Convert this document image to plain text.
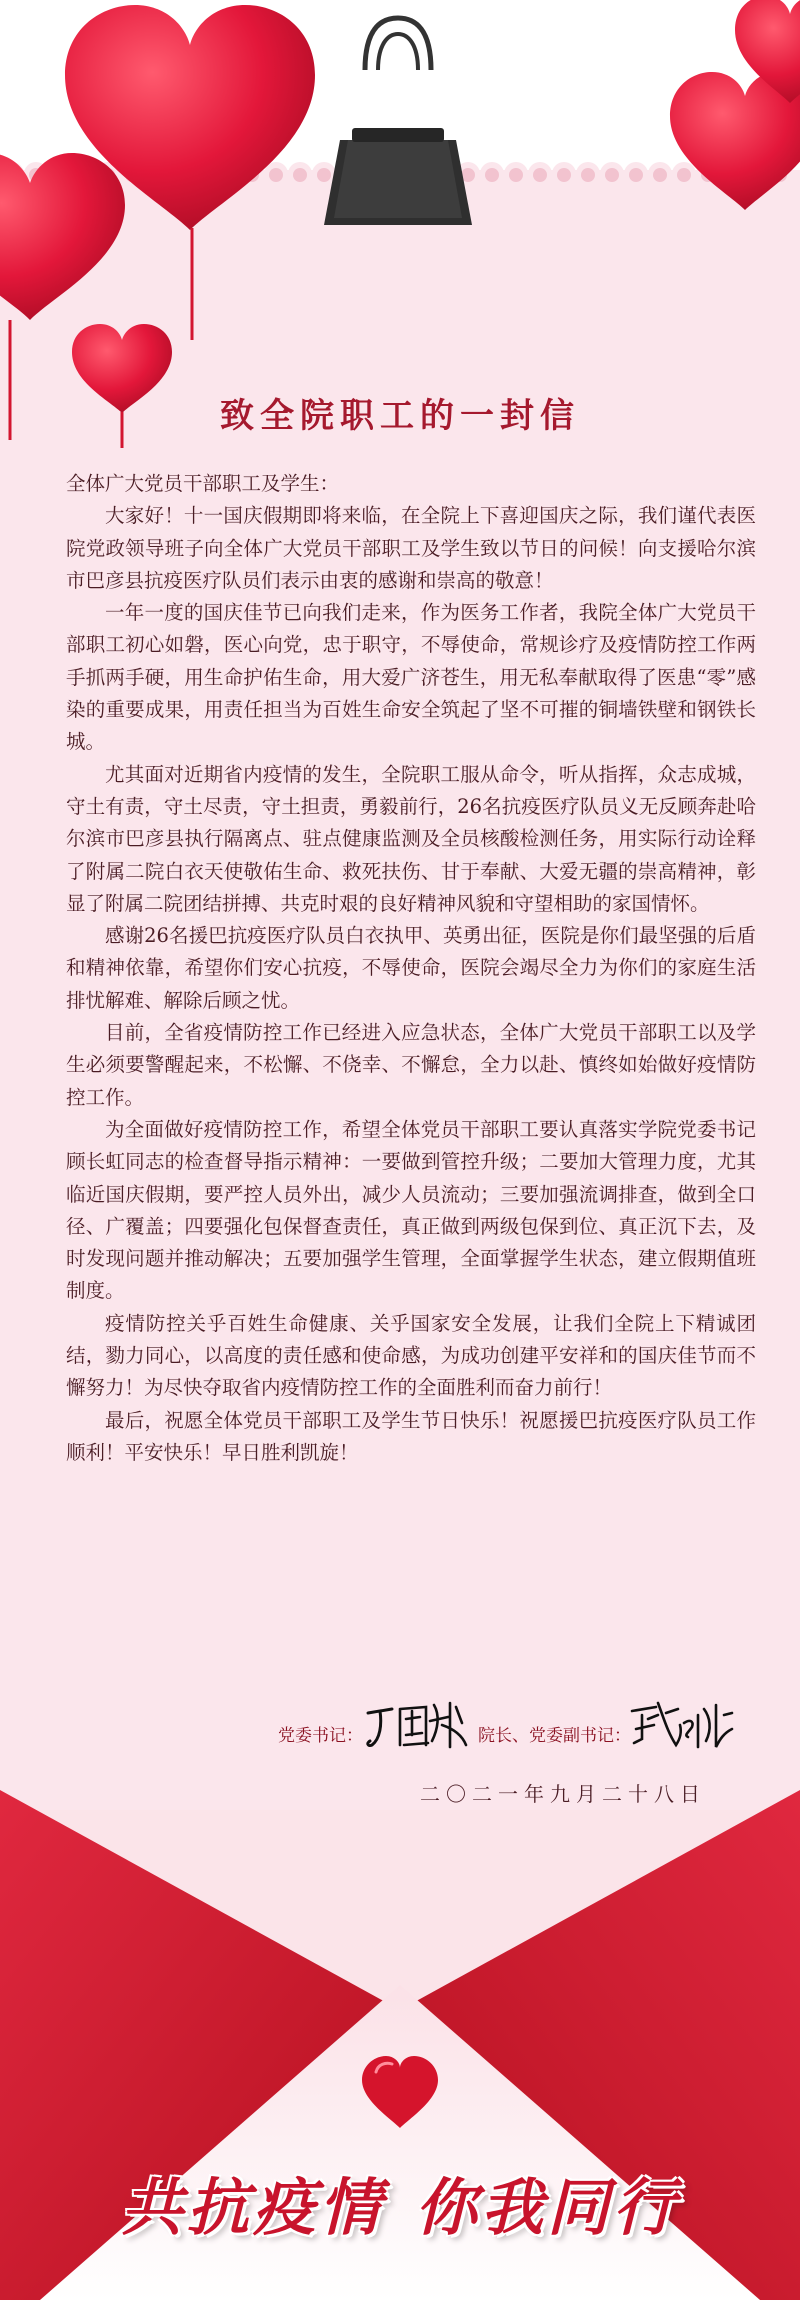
致全院职工的一封信

全体广大党员干部职工及学生：

大家好！十一国庆假期即将来临，在全院上下喜迎国庆之际，我们谨代表医院党政领导班子向全体广大党员干部职工及学生致以节日的问候！向支援哈尔滨市巴彦县抗疫医疗队员们表示由衷的感谢和崇高的敬意！

一年一度的国庆佳节已向我们走来，作为医务工作者，我院全体广大党员干部职工初心如磐，医心向党，忠于职守，不辱使命，常规诊疗及疫情防控工作两手抓两手硬，用生命护佑生命，用大爱广济苍生，用无私奉献取得了医患“零”感染的重要成果，用责任担当为百姓生命安全筑起了坚不可摧的铜墙铁壁和钢铁长城。

尤其面对近期省内疫情的发生，全院职工服从命令，听从指挥，众志成城，守土有责，守土尽责，守土担责，勇毅前行，26名抗疫医疗队员义无反顾奔赴哈尔滨市巴彦县执行隔离点、驻点健康监测及全员核酸检测任务，用实际行动诠释了附属二院白衣天使敬佑生命、救死扶伤、甘于奉献、大爱无疆的崇高精神，彰显了附属二院团结拼搏、共克时艰的良好精神风貌和守望相助的家国情怀。

感谢26名援巴抗疫医疗队员白衣执甲、英勇出征，医院是你们最坚强的后盾和精神依靠，希望你们安心抗疫，不辱使命，医院会竭尽全力为你们的家庭生活排忧解难、解除后顾之忧。

目前，全省疫情防控工作已经进入应急状态，全体广大党员干部职工以及学生必须要警醒起来，不松懈、不侥幸、不懈怠，全力以赴、慎终如始做好疫情防控工作。

为全面做好疫情防控工作，希望全体党员干部职工要认真落实学院党委书记顾长虹同志的检查督导指示精神：一要做到管控升级；二要加大管理力度，尤其临近国庆假期，要严控人员外出，减少人员流动；三要加强流调排查，做到全口径、广覆盖；四要强化包保督查责任，真正做到两级包保到位、真正沉下去，及时发现问题并推动解决；五要加强学生管理，全面掌握学生状态，建立假期值班制度。

疫情防控关乎百姓生命健康、关乎国家安全发展，让我们全院上下精诚团结，勠力同心，以高度的责任感和使命感，为成功创建平安祥和的国庆佳节而不懈努力！为尽快夺取省内疫情防控工作的全面胜利而奋力前行！

最后，祝愿全体党员干部职工及学生节日快乐！祝愿援巴抗疫医疗队员工作顺利！平安快乐！早日胜利凯旋！

党委书记：	院长、党委副书记：
二〇二一年九月二十八日
共抗疫情 你我同行
